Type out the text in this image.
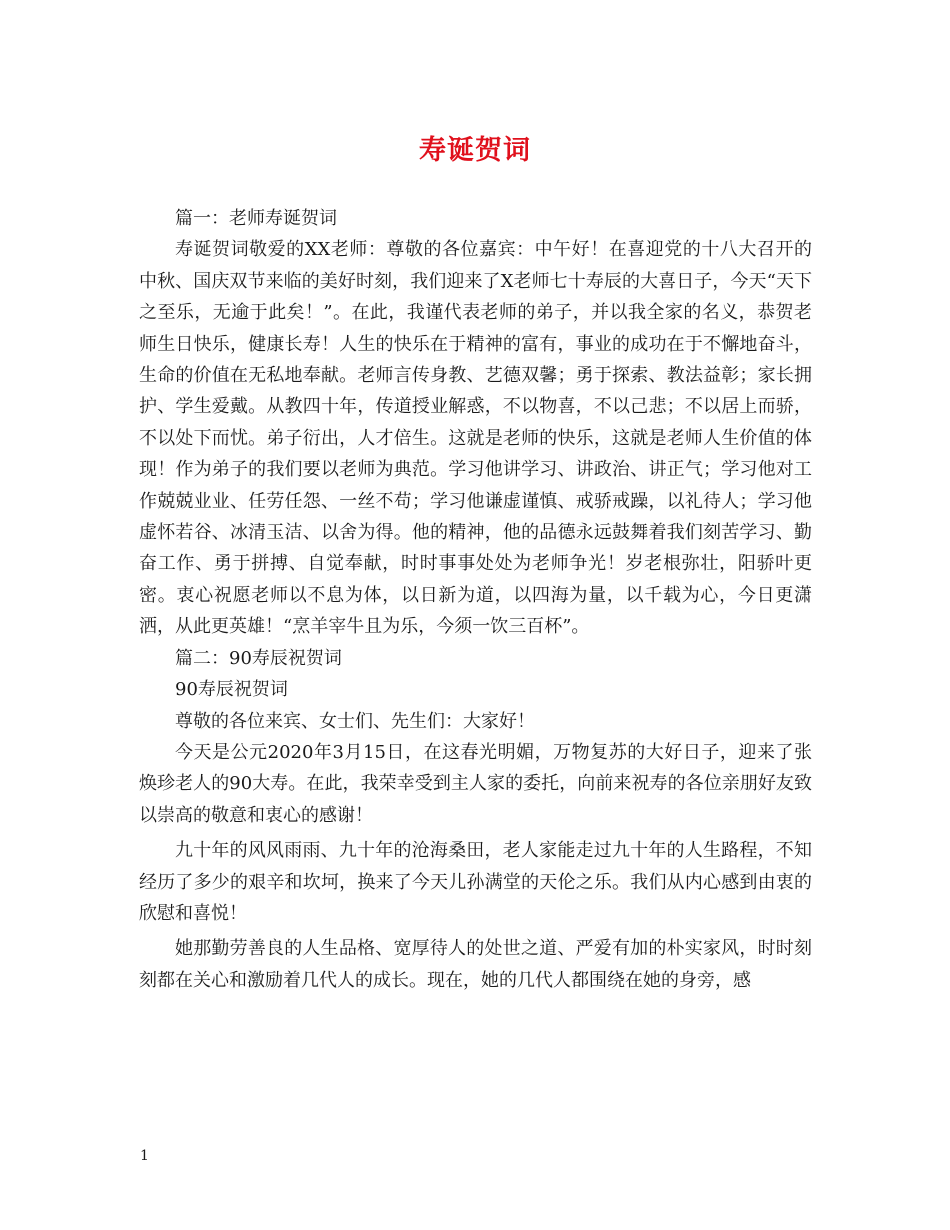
寿诞贺词

篇一：老师寿诞贺词

寿诞贺词敬爱的XX老师：尊敬的各位嘉宾：中午好！在喜迎党的十八大召开的中秋、国庆双节来临的美好时刻，我们迎来了X老师七十寿辰的大喜日子，今天“天下之至乐，无逾于此矣！”。在此，我谨代表老师的弟子，并以我全家的名义，恭贺老师生日快乐，健康长寿！人生的快乐在于精神的富有，事业的成功在于不懈地奋斗，生命的价值在无私地奉献。老师言传身教、艺德双馨；勇于探索、教法益彰；家长拥护、学生爱戴。从教四十年，传道授业解惑，不以物喜，不以己悲；不以居上而骄，不以处下而忧。弟子衍出，人才倍生。这就是老师的快乐，这就是老师人生价值的体现！作为弟子的我们要以老师为典范。学习他讲学习、讲政治、讲正气；学习他对工作兢兢业业、任劳任怨、一丝不苟；学习他谦虚谨慎、戒骄戒躁，以礼待人；学习他虚怀若谷、冰清玉洁、以舍为得。他的精神，他的品德永远鼓舞着我们刻苦学习、勤奋工作、勇于拼搏、自觉奉献，时时事事处处为老师争光！岁老根弥壮，阳骄叶更密。衷心祝愿老师以不息为体，以日新为道，以四海为量，以千载为心，今日更潇洒，从此更英雄！“烹羊宰牛且为乐，今须一饮三百杯”。

篇二：90寿辰祝贺词

90寿辰祝贺词

尊敬的各位来宾、女士们、先生们：大家好！

今天是公元2020年3月15日，在这春光明媚，万物复苏的大好日子，迎来了张焕珍老人的90大寿。在此，我荣幸受到主人家的委托，向前来祝寿的各位亲朋好友致以崇高的敬意和衷心的感谢！

九十年的风风雨雨、九十年的沧海桑田，老人家能走过九十年的人生路程，不知经历了多少的艰辛和坎坷，换来了今天儿孙满堂的天伦之乐。我们从内心感到由衷的欣慰和喜悦！

她那勤劳善良的人生品格、宽厚待人的处世之道、严爱有加的朴实家风，时时刻刻都在关心和激励着几代人的成长。现在，她的几代人都围绕在她的身旁，感

1
